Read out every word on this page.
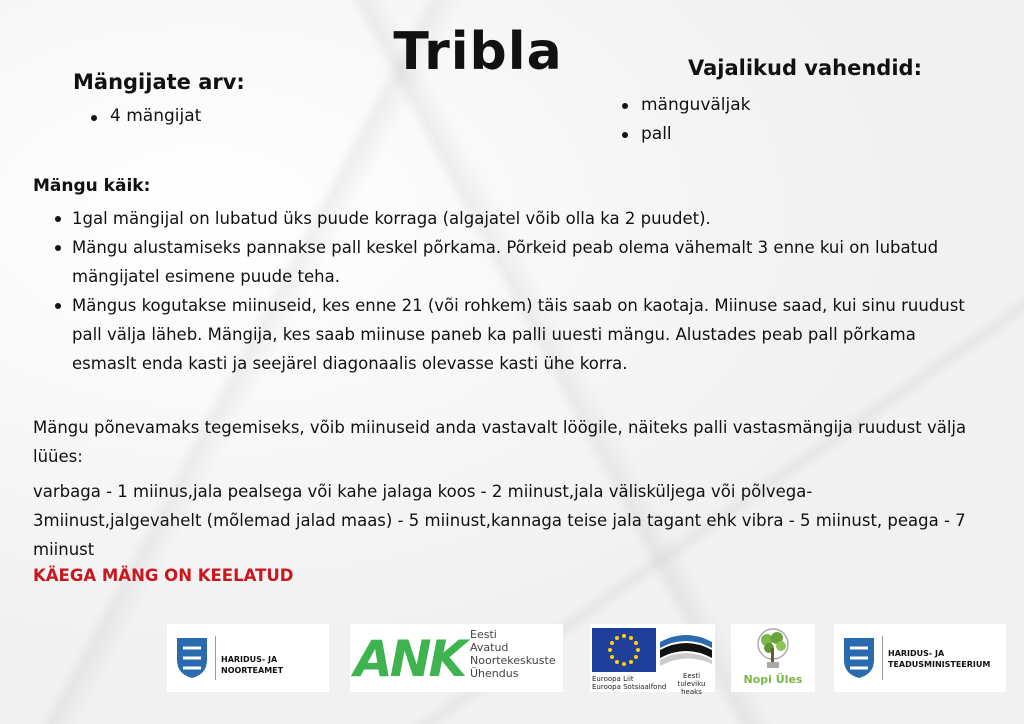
Tribla
Mängijate arv:
4 mängijat
Vajalikud vahendid:
mänguväljak
pall
Mängu käik:
1gal mängijal on lubatud üks puude korraga (algajatel võib olla ka 2 puudet).
Mängu alustamiseks pannakse pall keskel põrkama. Põrkeid peab olema vähemalt 3 enne kui on lubatud mängijatel esimene puude teha.
Mängus kogutakse miinuseid, kes enne 21 (või rohkem) täis saab on kaotaja. Miinuse saad, kui sinu ruudust pall välja läheb. Mängija, kes saab miinuse paneb ka palli uuesti mängu. Alustades peab pall põrkama esmaslt enda kasti ja seejärel diagonaalis olevasse kasti ühe korra.
Mängu põnevamaks tegemiseks, võib miinuseid anda vastavalt löögile, näiteks palli vastasmängija ruudust välja lüües:
varbaga - 1 miinus,jala pealsega või kahe jalaga koos - 2 miinust,jala välisküljega või põlvega- 3miinust,jalgevahelt (mõlemad jalad maas) - 5 miinust,kannaga teise jala tagant ehk vibra - 5 miinust, peaga - 7 miinust
KÄEGA MÄNG ON KEELATUD
HARIDUS- JA NOORTEAMET	ANK Eesti
Avatud
Noortekeskuste
Ühendus	Euroopa Liit
Euroopa Sotsiaalfond
Eesti
tuleviku heaks
Nopi Üles
HARIDUS- JA
TEADUSMINISTEERIUM
